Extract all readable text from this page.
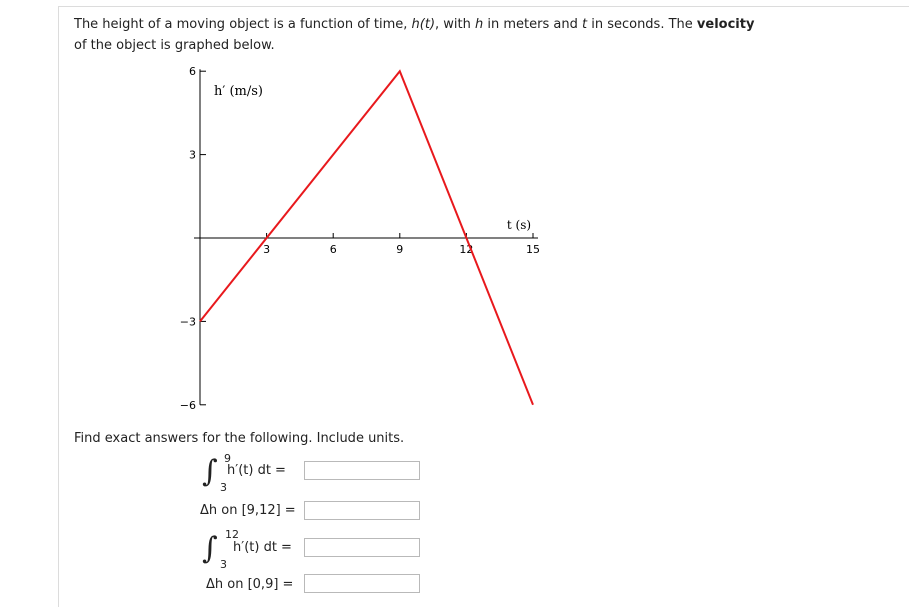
The height of a moving object is a function of time, h(t), with h in meters and t in seconds. The velocity
of the object is graphed below.
3	6	9	12	15
6
3
−3
−6
h′ (m/s)
t (s)
Find exact answers for the following. Include units.
∫ 9
3
h′(t) dt =
Δh on [9,12] =
∫ 12
3
h′(t) dt =
Δh on [0,9] =
